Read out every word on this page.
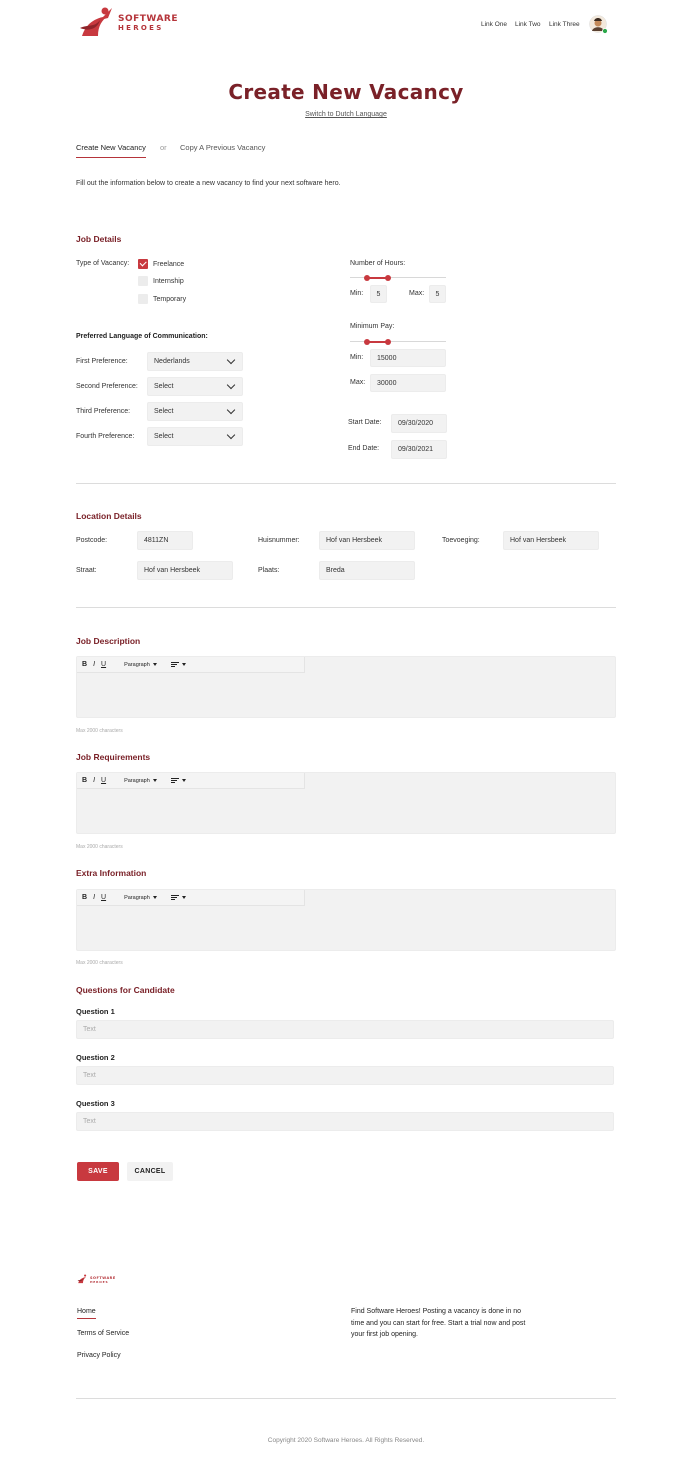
SOFTWARE
HEROES	Link One Link Two Link Three
Create New Vacancy
Switch to Dutch Language
Create New Vacancy or Copy A Previous Vacancy
Fill out the information below to create a new vacancy to find your next software hero.
Job Details
Type of Vacancy:	Freelance
Internship
Temporary
Number of Hours:
Min: 5	Max: 5
Preferred Language of Communication:
First Preference:	Nederlands
Second Preference: Select
Third Preference:	Select
Fourth Preference:	Select
Minimum Pay:
Min: 15000
Max: 30000
Start Date: 09/30/2020
End Date:	09/30/2021
Location Details
Postcode:	4811ZN	Huisnummer:	Hof van Hersbeek	Toevoeging:	Hof van Hersbeek
Straat:	Hof van Hersbeek	Plaats:	Breda
Job Description
B I U	Paragraph
Max 2000 characters
Job Requirements
B I U	Paragraph
Max 2000 characters
Extra Information
B I U	Paragraph
Max 2000 characters
Questions for Candidate
Question 1
Text
Question 2
Text
Question 3
Text
SAVE	CANCEL
SOFTWARE
HEROES
Home
Terms of Service
Privacy Policy
Find Software Heroes! Posting a vacancy is done in no time and you can start for free. Start a trial now and post your first job opening.
Copyright 2020 Software Heroes. All Rights Reserved.
